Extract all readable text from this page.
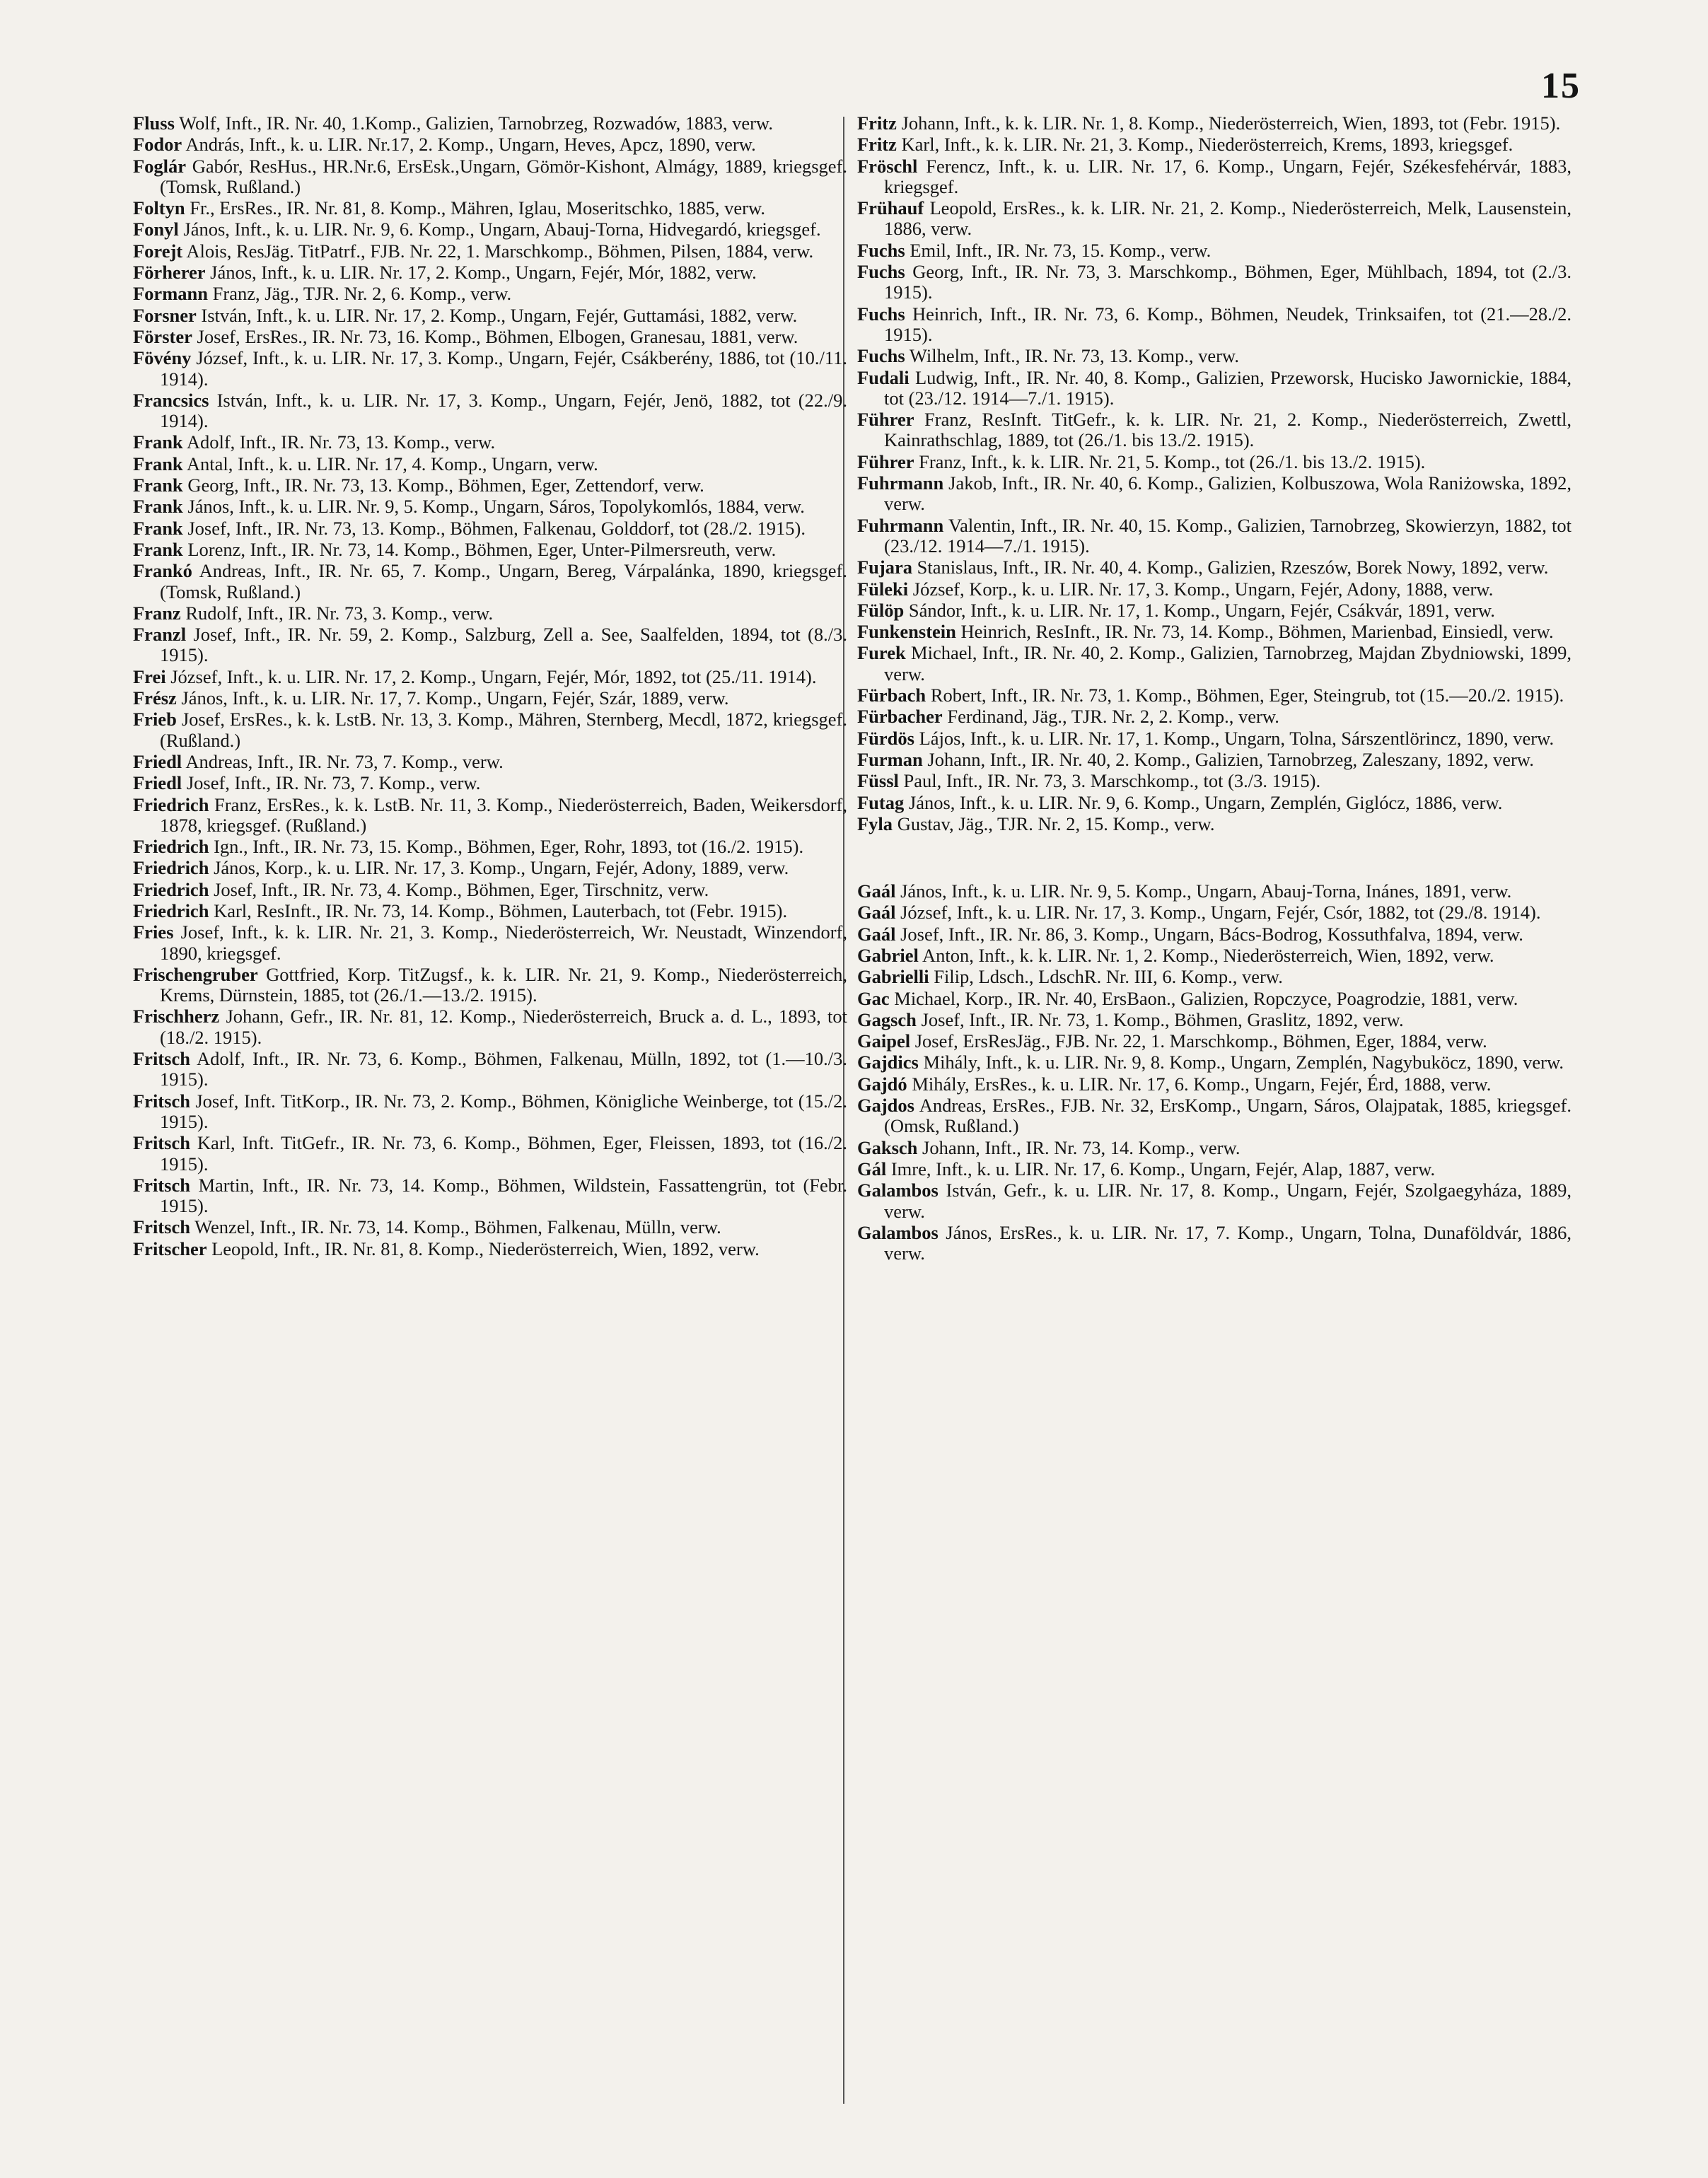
15
Fluss Wolf, Inft., IR. Nr. 40, 1.Komp., Galizien, Tarnobrzeg, Rozwadów, 1883, verw.
Fodor András, Inft., k. u. LIR. Nr.17, 2. Komp., Ungarn, Heves, Apcz, 1890, verw.
Foglár Gabór, ResHus., HR.Nr.6, ErsEsk.,Ungarn, Gömör-Kishont, Almágy, 1889, kriegsgef. (Tomsk, Rußland.)
Foltyn Fr., ErsRes., IR. Nr. 81, 8. Komp., Mähren, Iglau, Moseritschko, 1885, verw.
Fonyl János, Inft., k. u. LIR. Nr. 9, 6. Komp., Ungarn, Abauj-Torna, Hidvegardó, kriegsgef.
Forejt Alois, ResJäg. TitPatrf., FJB. Nr. 22, 1. Marschkomp., Böhmen, Pilsen, 1884, verw.
Förherer János, Inft., k. u. LIR. Nr. 17, 2. Komp., Ungarn, Fejér, Mór, 1882, verw.
Formann Franz, Jäg., TJR. Nr. 2, 6. Komp., verw.
Forsner István, Inft., k. u. LIR. Nr. 17, 2. Komp., Ungarn, Fejér, Guttamási, 1882, verw.
Förster Josef, ErsRes., IR. Nr. 73, 16. Komp., Böhmen, Elbogen, Granesau, 1881, verw.
Fövény József, Inft., k. u. LIR. Nr. 17, 3. Komp., Ungarn, Fejér, Csákberény, 1886, tot (10./11. 1914).
Francsics István, Inft., k. u. LIR. Nr. 17, 3. Komp., Ungarn, Fejér, Jenö, 1882, tot (22./9. 1914).
Frank Adolf, Inft., IR. Nr. 73, 13. Komp., verw.
Frank Antal, Inft., k. u. LIR. Nr. 17, 4. Komp., Ungarn, verw.
Frank Georg, Inft., IR. Nr. 73, 13. Komp., Böhmen, Eger, Zettendorf, verw.
Frank János, Inft., k. u. LIR. Nr. 9, 5. Komp., Ungarn, Sáros, Topolykomlós, 1884, verw.
Frank Josef, Inft., IR. Nr. 73, 13. Komp., Böhmen, Falkenau, Golddorf, tot (28./2. 1915).
Frank Lorenz, Inft., IR. Nr. 73, 14. Komp., Böhmen, Eger, Unter-Pilmersreuth, verw.
Frankó Andreas, Inft., IR. Nr. 65, 7. Komp., Ungarn, Bereg, Várpalánka, 1890, kriegsgef. (Tomsk, Rußland.)
Franz Rudolf, Inft., IR. Nr. 73, 3. Komp., verw.
Franzl Josef, Inft., IR. Nr. 59, 2. Komp., Salzburg, Zell a. See, Saalfelden, 1894, tot (8./3. 1915).
Frei József, Inft., k. u. LIR. Nr. 17, 2. Komp., Ungarn, Fejér, Mór, 1892, tot (25./11. 1914).
Frész János, Inft., k. u. LIR. Nr. 17, 7. Komp., Ungarn, Fejér, Szár, 1889, verw.
Frieb Josef, ErsRes., k. k. LstB. Nr. 13, 3. Komp., Mähren, Sternberg, Mecdl, 1872, kriegsgef. (Rußland.)
Friedl Andreas, Inft., IR. Nr. 73, 7. Komp., verw.
Friedl Josef, Inft., IR. Nr. 73, 7. Komp., verw.
Friedrich Franz, ErsRes., k. k. LstB. Nr. 11, 3. Komp., Niederösterreich, Baden, Weikersdorf, 1878, kriegsgef. (Rußland.)
Friedrich Ign., Inft., IR. Nr. 73, 15. Komp., Böhmen, Eger, Rohr, 1893, tot (16./2. 1915).
Friedrich János, Korp., k. u. LIR. Nr. 17, 3. Komp., Ungarn, Fejér, Adony, 1889, verw.
Friedrich Josef, Inft., IR. Nr. 73, 4. Komp., Böhmen, Eger, Tirschnitz, verw.
Friedrich Karl, ResInft., IR. Nr. 73, 14. Komp., Böhmen, Lauterbach, tot (Febr. 1915).
Fries Josef, Inft., k. k. LIR. Nr. 21, 3. Komp., Niederösterreich, Wr. Neustadt, Winzendorf, 1890, kriegsgef.
Frischengruber Gottfried, Korp. TitZugsf., k. k. LIR. Nr. 21, 9. Komp., Niederösterreich, Krems, Dürnstein, 1885, tot (26./1.—13./2. 1915).
Frischherz Johann, Gefr., IR. Nr. 81, 12. Komp., Niederösterreich, Bruck a. d. L., 1893, tot (18./2. 1915).
Fritsch Adolf, Inft., IR. Nr. 73, 6. Komp., Böhmen, Falkenau, Mülln, 1892, tot (1.—10./3. 1915).
Fritsch Josef, Inft. TitKorp., IR. Nr. 73, 2. Komp., Böhmen, Königliche Weinberge, tot (15./2. 1915).
Fritsch Karl, Inft. TitGefr., IR. Nr. 73, 6. Komp., Böhmen, Eger, Fleissen, 1893, tot (16./2. 1915).
Fritsch Martin, Inft., IR. Nr. 73, 14. Komp., Böhmen, Wildstein, Fassattengrün, tot (Febr. 1915).
Fritsch Wenzel, Inft., IR. Nr. 73, 14. Komp., Böhmen, Falkenau, Mülln, verw.
Fritscher Leopold, Inft., IR. Nr. 81, 8. Komp., Niederösterreich, Wien, 1892, verw.
Fritz Johann, Inft., k. k. LIR. Nr. 1, 8. Komp., Niederösterreich, Wien, 1893, tot (Febr. 1915).
Fritz Karl, Inft., k. k. LIR. Nr. 21, 3. Komp., Niederösterreich, Krems, 1893, kriegsgef.
Fröschl Ferencz, Inft., k. u. LIR. Nr. 17, 6. Komp., Ungarn, Fejér, Székesfehérvár, 1883, kriegsgef.
Frühauf Leopold, ErsRes., k. k. LIR. Nr. 21, 2. Komp., Niederösterreich, Melk, Lausenstein, 1886, verw.
Fuchs Emil, Inft., IR. Nr. 73, 15. Komp., verw.
Fuchs Georg, Inft., IR. Nr. 73, 3. Marschkomp., Böhmen, Eger, Mühlbach, 1894, tot (2./3. 1915).
Fuchs Heinrich, Inft., IR. Nr. 73, 6. Komp., Böhmen, Neudek, Trinksaifen, tot (21.—28./2. 1915).
Fuchs Wilhelm, Inft., IR. Nr. 73, 13. Komp., verw.
Fudali Ludwig, Inft., IR. Nr. 40, 8. Komp., Galizien, Przeworsk, Hucisko Jawornickie, 1884, tot (23./12. 1914—7./1. 1915).
Führer Franz, ResInft. TitGefr., k. k. LIR. Nr. 21, 2. Komp., Niederösterreich, Zwettl, Kainrathschlag, 1889, tot (26./1. bis 13./2. 1915).
Führer Franz, Inft., k. k. LIR. Nr. 21, 5. Komp., tot (26./1. bis 13./2. 1915).
Fuhrmann Jakob, Inft., IR. Nr. 40, 6. Komp., Galizien, Kolbuszowa, Wola Raniżowska, 1892, verw.
Fuhrmann Valentin, Inft., IR. Nr. 40, 15. Komp., Galizien, Tarnobrzeg, Skowierzyn, 1882, tot (23./12. 1914—7./1. 1915).
Fujara Stanislaus, Inft., IR. Nr. 40, 4. Komp., Galizien, Rzeszów, Borek Nowy, 1892, verw.
Füleki József, Korp., k. u. LIR. Nr. 17, 3. Komp., Ungarn, Fejér, Adony, 1888, verw.
Fülöp Sándor, Inft., k. u. LIR. Nr. 17, 1. Komp., Ungarn, Fejér, Csákvár, 1891, verw.
Funkenstein Heinrich, ResInft., IR. Nr. 73, 14. Komp., Böhmen, Marienbad, Einsiedl, verw.
Furek Michael, Inft., IR. Nr. 40, 2. Komp., Galizien, Tarnobrzeg, Majdan Zbydniowski, 1899, verw.
Fürbach Robert, Inft., IR. Nr. 73, 1. Komp., Böhmen, Eger, Steingrub, tot (15.—20./2. 1915).
Fürbacher Ferdinand, Jäg., TJR. Nr. 2, 2. Komp., verw.
Fürdös Lájos, Inft., k. u. LIR. Nr. 17, 1. Komp., Ungarn, Tolna, Sárszentlörincz, 1890, verw.
Furman Johann, Inft., IR. Nr. 40, 2. Komp., Galizien, Tarnobrzeg, Zaleszany, 1892, verw.
Füssl Paul, Inft., IR. Nr. 73, 3. Marschkomp., tot (3./3. 1915).
Futag János, Inft., k. u. LIR. Nr. 9, 6. Komp., Ungarn, Zemplén, Giglócz, 1886, verw.
Fyla Gustav, Jäg., TJR. Nr. 2, 15. Komp., verw.
Gaál János, Inft., k. u. LIR. Nr. 9, 5. Komp., Ungarn, Abauj-Torna, Inánes, 1891, verw.
Gaál József, Inft., k. u. LIR. Nr. 17, 3. Komp., Ungarn, Fejér, Csór, 1882, tot (29./8. 1914).
Gaál Josef, Inft., IR. Nr. 86, 3. Komp., Ungarn, Bács-Bodrog, Kossuthfalva, 1894, verw.
Gabriel Anton, Inft., k. k. LIR. Nr. 1, 2. Komp., Niederösterreich, Wien, 1892, verw.
Gabrielli Filip, Ldsch., LdschR. Nr. III, 6. Komp., verw.
Gac Michael, Korp., IR. Nr. 40, ErsBaon., Galizien, Ropczyce, Poagrodzie, 1881, verw.
Gagsch Josef, Inft., IR. Nr. 73, 1. Komp., Böhmen, Graslitz, 1892, verw.
Gaipel Josef, ErsResJäg., FJB. Nr. 22, 1. Marschkomp., Böhmen, Eger, 1884, verw.
Gajdics Mihály, Inft., k. u. LIR. Nr. 9, 8. Komp., Ungarn, Zemplén, Nagybuköcz, 1890, verw.
Gajdó Mihály, ErsRes., k. u. LIR. Nr. 17, 6. Komp., Ungarn, Fejér, Érd, 1888, verw.
Gajdos Andreas, ErsRes., FJB. Nr. 32, ErsKomp., Ungarn, Sáros, Olajpatak, 1885, kriegsgef. (Omsk, Rußland.)
Gaksch Johann, Inft., IR. Nr. 73, 14. Komp., verw.
Gál Imre, Inft., k. u. LIR. Nr. 17, 6. Komp., Ungarn, Fejér, Alap, 1887, verw.
Galambos István, Gefr., k. u. LIR. Nr. 17, 8. Komp., Ungarn, Fejér, Szolgaegyháza, 1889, verw.
Galambos János, ErsRes., k. u. LIR. Nr. 17, 7. Komp., Ungarn, Tolna, Dunaföldvár, 1886, verw.
